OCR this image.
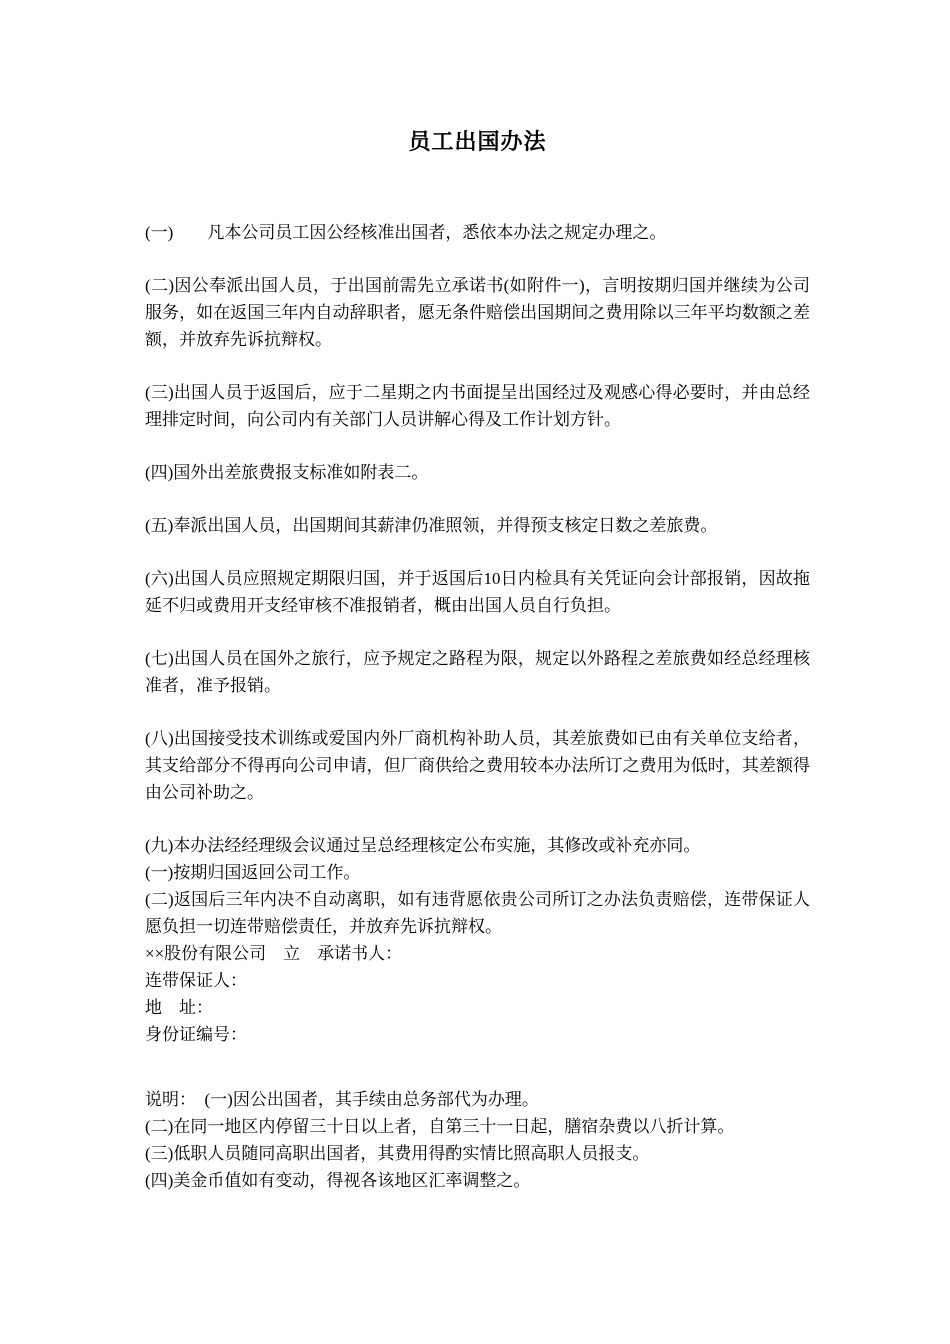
员工出国办法

(一)　　凡本公司员工因公经核准出国者，悉依本办法之规定办理之。

(二)因公奉派出国人员，于出国前需先立承诺书(如附件一)，言明按期归国并继续为公司服务，如在返国三年内自动辞职者，愿无条件赔偿出国期间之费用除以三年平均数额之差额，并放弃先诉抗辩权。

(三)出国人员于返国后，应于二星期之内书面提呈出国经过及观感心得必要时，并由总经理排定时间，向公司内有关部门人员讲解心得及工作计划方针。

(四)国外出差旅费报支标准如附表二。

(五)奉派出国人员，出国期间其薪津仍准照领，并得预支核定日数之差旅费。

(六)出国人员应照规定期限归国，并于返国后10日内检具有关凭证向会计部报销，因故拖延不归或费用开支经审核不准报销者，概由出国人员自行负担。

(七)出国人员在国外之旅行，应予规定之路程为限，规定以外路程之差旅费如经总经理核准者，准予报销。

(八)出国接受技术训练或爱国内外厂商机构补助人员，其差旅费如已由有关单位支给者，其支给部分不得再向公司申请，但厂商供给之费用较本办法所订之费用为低时，其差额得由公司补助之。

(九)本办法经经理级会议通过呈总经理核定公布实施，其修改或补充亦同。

(一)按期归国返回公司工作。

(二)返国后三年内决不自动离职，如有违背愿依贵公司所订之办法负责赔偿，连带保证人愿负担一切连带赔偿责任，并放弃先诉抗辩权。

××股份有限公司　立　承诺书人：

连带保证人：

地　址：

身份证编号：

说明：　(一)因公出国者，其手续由总务部代为办理。

(二)在同一地区内停留三十日以上者，自第三十一日起，膳宿杂费以八折计算。

(三)低职人员随同高职出国者，其费用得酌实情比照高职人员报支。

(四)美金币值如有变动，得视各该地区汇率调整之。
